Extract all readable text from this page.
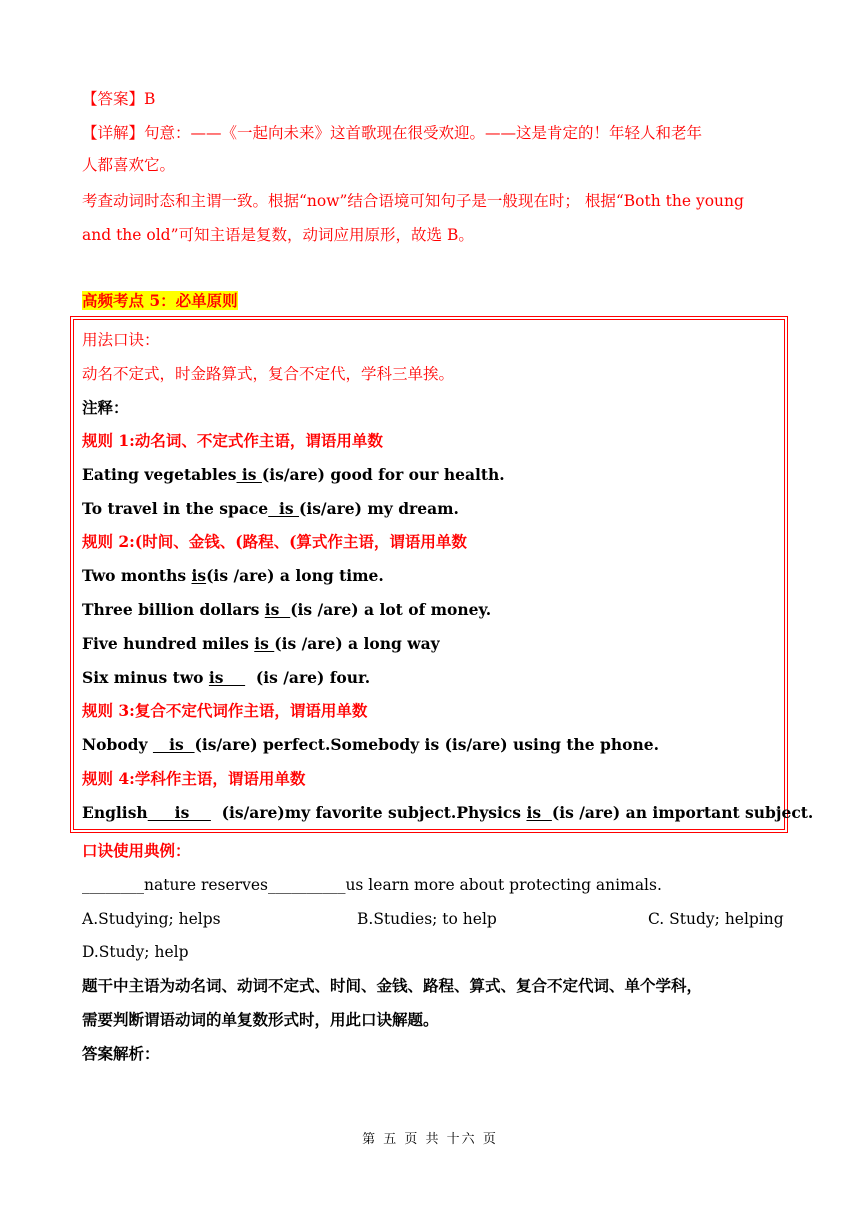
【答案】B
【详解】句意：——《一起向未来》这首歌现在很受欢迎。——这是肯定的！年轻人和老年
人都喜欢它。
考查动词时态和主谓一致。根据“now”结合语境可知句子是一般现在时； 根据“Both the young
and the old”可知主语是复数，动词应用原形，故选 B。
高频考点 5：必单原则
用法口诀：
动名不定式，时金路算式，复合不定代，学科三单挨。
注释：
规则 1:动名词、不定式作主语，谓语用单数
Eating vegetables is (is/are) good for our health.
To travel in the space  is (is/are) my dream.
规则 2:(时间、金钱、(路程、(算式作主语，谓语用单数
Two months is(is /are) a long time.
Three billion dollars is  (is /are) a lot of money.
Five hundred miles is (is /are) a long way
Six minus two is      (is /are) four.
规则 3:复合不定代词作主语，谓语用单数
Nobody    is  (is/are) perfect.Somebody is (is/are) using the phone.
规则 4:学科作主语，谓语用单数
English     is      (is/are)my favorite subject.Physics is  (is /are) an important subject.
口诀使用典例：
________nature reserves__________us learn more about protecting animals.
A.Studying; helps	B.Studies; to help	C. Study; helping
D.Study; help
题干中主语为动名词、动词不定式、时间、金钱、路程、算式、复合不定代词、单个学科，
需要判断谓语动词的单复数形式时，用此口诀解题。
答案解析：
第 五 页 共 十六 页
